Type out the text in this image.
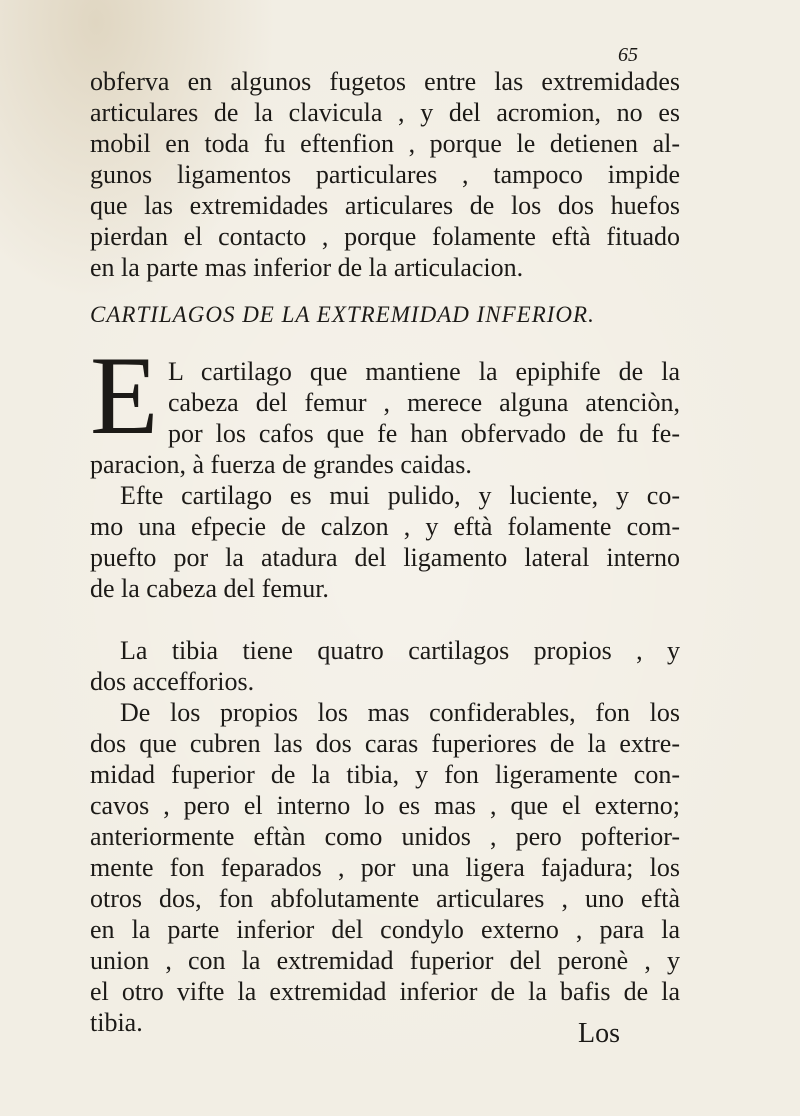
65
obferva en algunos fugetos entre las extremidades
articulares de la clavicula , y del acromion, no es
mobil en toda fu eftenfion , porque le detienen al-
gunos ligamentos particulares , tampoco impide
que las extremidades articulares de los dos huefos
pierdan el contacto , porque folamente eftà fituado
en la parte mas inferior de la articulacion.
CARTILAGOS DE LA EXTREMIDAD INFERIOR.
E L cartilago que mantiene la epiphife de la
cabeza del femur , merece alguna atenciòn,
por los cafos que fe han obfervado de fu fe-
paracion, à fuerza de grandes caidas.
Efte cartilago es mui pulido, y luciente, y co-
mo una efpecie de calzon , y eftà folamente com-
puefto por la atadura del ligamento lateral interno
de la cabeza del femur.
La tibia tiene quatro cartilagos propios , y
dos accefforios.
De los propios los mas confiderables, fon los
dos que cubren las dos caras fuperiores de la extre-
midad fuperior de la tibia, y fon ligeramente con-
cavos , pero el interno lo es mas , que el externo;
anteriormente eftàn como unidos , pero pofterior-
mente fon feparados , por una ligera fajadura; los
otros dos, fon abfolutamente articulares , uno eftà
en la parte inferior del condylo externo , para la
union , con la extremidad fuperior del peronè , y
el otro vifte la extremidad inferior de la bafis de la
tibia.	Los
